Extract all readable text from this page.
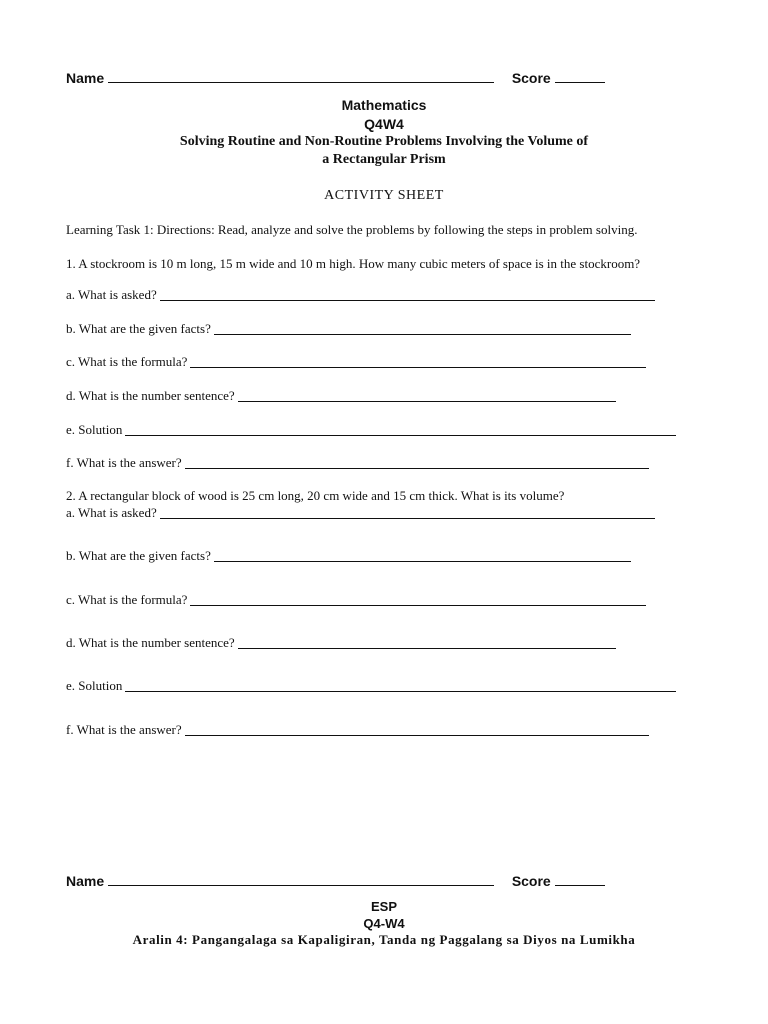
Name	Score
Mathematics
Q4W4
Solving Routine and Non-Routine Problems Involving the Volume of
a Rectangular Prism
ACTIVITY SHEET
Learning Task 1: Directions: Read, analyze and solve the problems by following the steps in problem solving.
1. A stockroom is 10 m long, 15 m wide and 10 m high. How many cubic meters of space is in the stockroom?
a. What is asked?
b. What are the given facts?
c. What is the formula?
d. What is the number sentence?
e. Solution
f. What is the answer?
2. A rectangular block of wood is 25 cm long, 20 cm wide and 15 cm thick. What is its volume?
a. What is asked?
b. What are the given facts?
c. What is the formula?
d. What is the number sentence?
e. Solution
f. What is the answer?
Name	Score
ESP
Q4-W4
Aralin 4: Pangangalaga sa Kapaligiran, Tanda ng Paggalang sa Diyos na Lumikha
